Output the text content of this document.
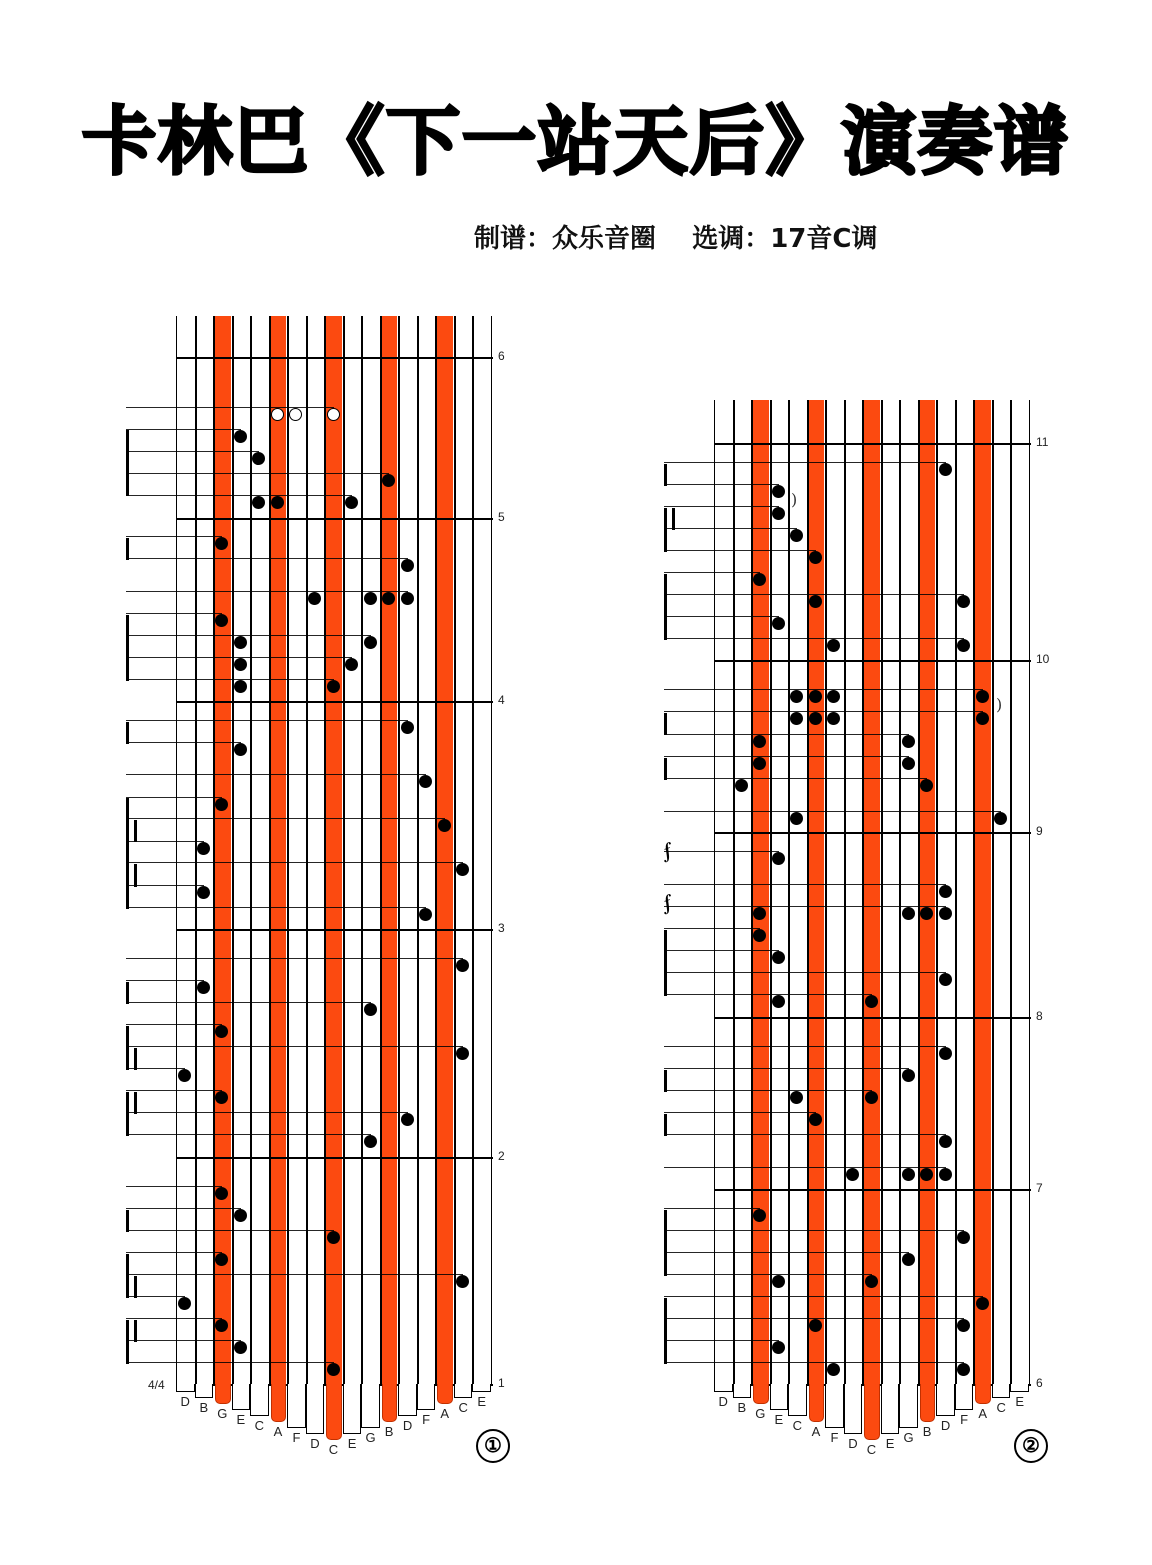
卡林巴《下一站天后》演奏谱
制谱：众乐音圈    选调：17音C调
6
5
4
3
2
1
D B G E C A F D C E G B D F A C E
4/4
①
11
10
9
8
7
6
)
)
𝆑
𝆑
D B G E C A F D C E G B D F A C E
②
